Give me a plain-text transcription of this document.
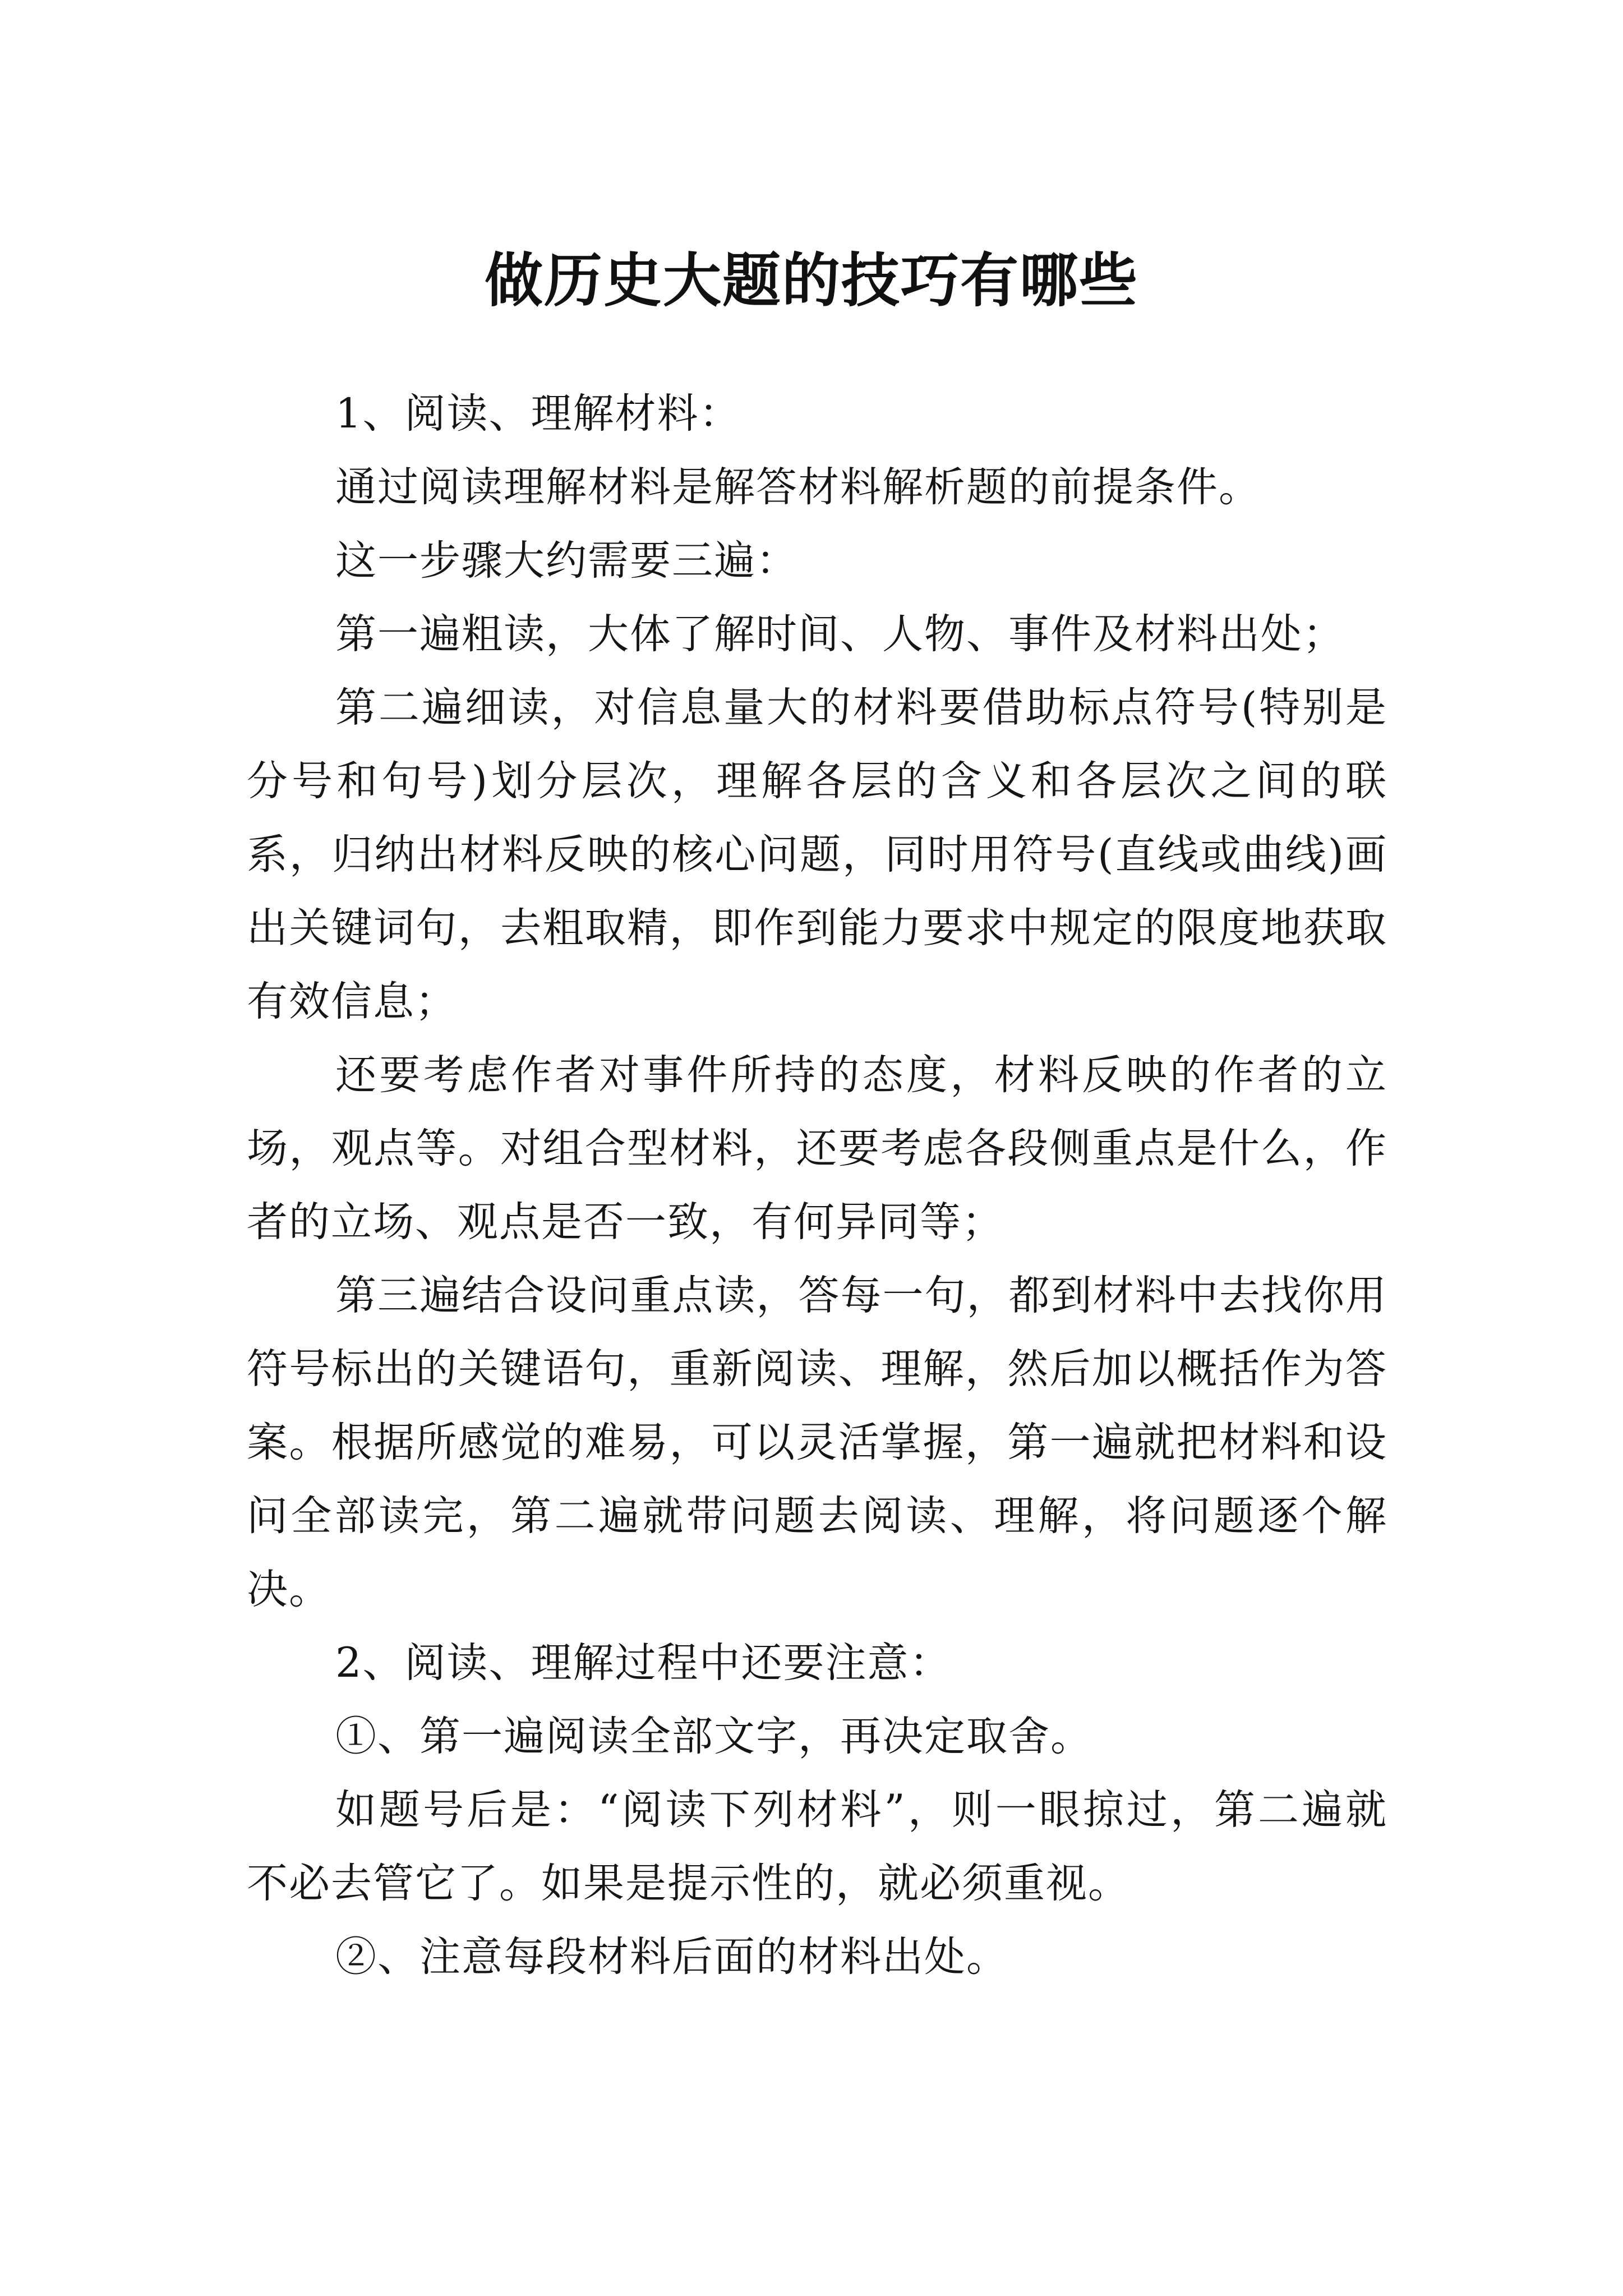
做历史大题的技巧有哪些

1、阅读、理解材料：

通过阅读理解材料是解答材料解析题的前提条件。

这一步骤大约需要三遍：

第一遍粗读，大体了解时间、人物、事件及材料出处；

第二遍细读，对信息量大的材料要借助标点符号(特别是分号和句号)划分层次，理解各层的含义和各层次之间的联系，归纳出材料反映的核心问题，同时用符号(直线或曲线)画出关键词句，去粗取精，即作到能力要求中规定的限度地获取有效信息；

还要考虑作者对事件所持的态度，材料反映的作者的立场，观点等。对组合型材料，还要考虑各段侧重点是什么，作者的立场、观点是否一致，有何异同等；

第三遍结合设问重点读，答每一句，都到材料中去找你用符号标出的关键语句，重新阅读、理解，然后加以概括作为答案。根据所感觉的难易，可以灵活掌握，第一遍就把材料和设问全部读完，第二遍就带问题去阅读、理解，将问题逐个解决。

2、阅读、理解过程中还要注意：

①、第一遍阅读全部文字，再决定取舍。

如题号后是：“阅读下列材料”，则一眼掠过，第二遍就不必去管它了。如果是提示性的，就必须重视。

②、注意每段材料后面的材料出处。
